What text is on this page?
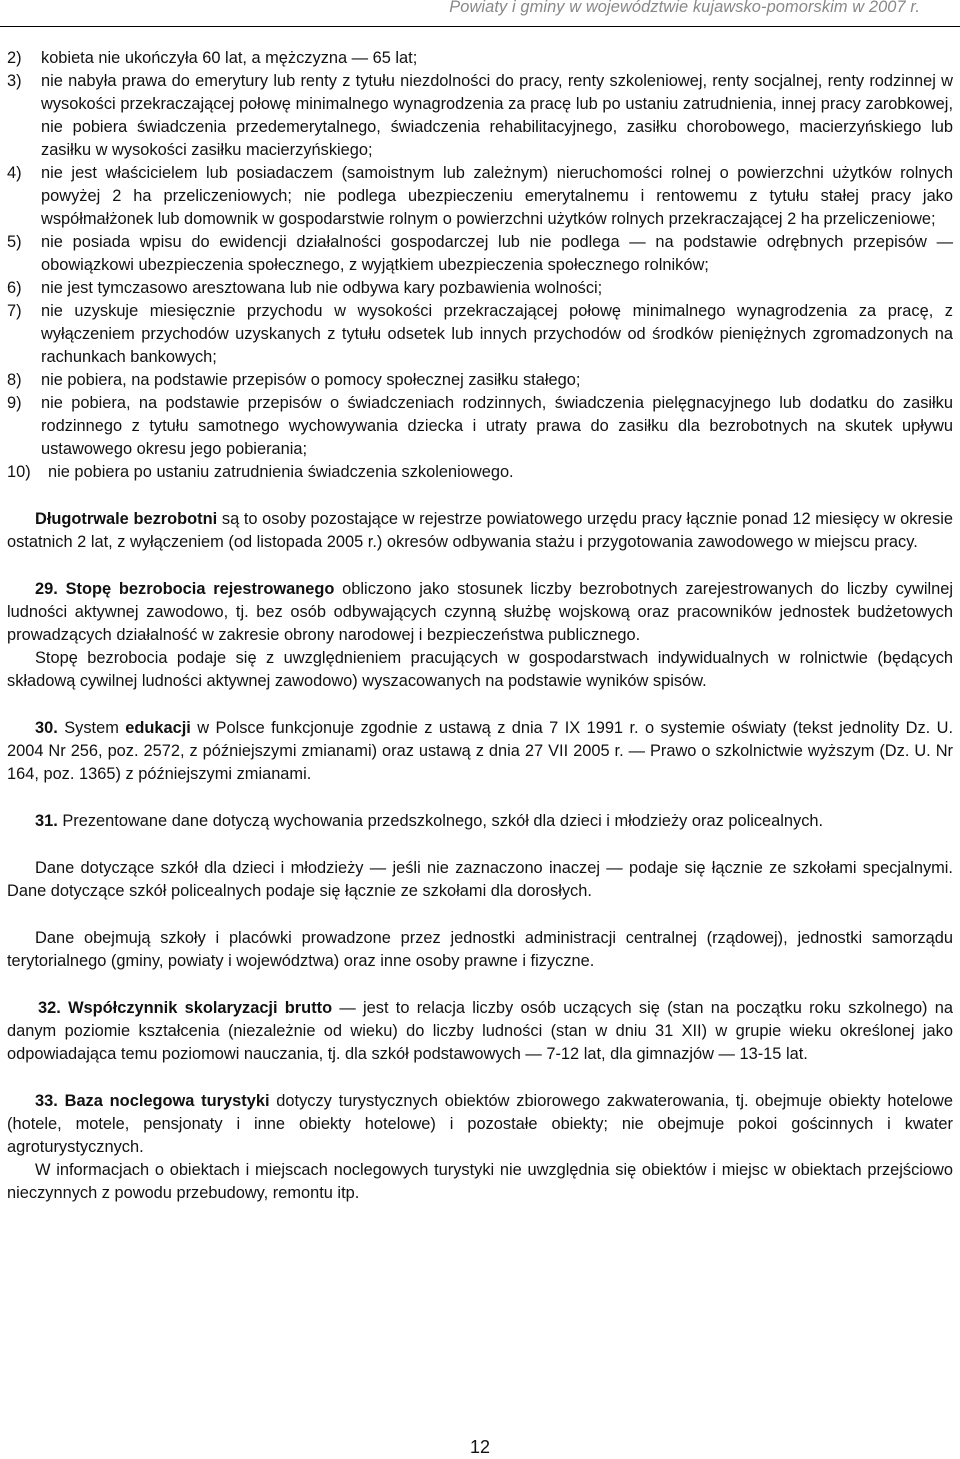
Powiaty i gminy w województwie kujawsko-pomorskim w 2007 r.
2)	kobieta nie ukończyła 60 lat, a mężczyzna — 65 lat;
3)	nie nabyła prawa do emerytury lub renty z tytułu niezdolności do pracy, renty szkoleniowej, renty socjalnej, renty rodzinnej w wysokości przekraczającej połowę minimalnego wynagrodzenia za pracę lub po ustaniu zatrudnienia, innej pracy zarobkowej, nie pobiera świadczenia przedemerytalnego, świadczenia rehabilitacyjnego, zasiłku chorobowego, macierzyńskiego lub zasiłku w wysokości zasiłku macierzyńskiego;
4)	nie jest właścicielem lub posiadaczem (samoistnym lub zależnym) nieruchomości rolnej o powierzchni użytków rolnych powyżej 2 ha przeliczeniowych; nie podlega ubezpieczeniu emerytalnemu i rentowemu z tytułu stałej pracy jako współmałżonek lub domownik w gospodarstwie rolnym o powierzchni użytków rolnych przekraczającej 2 ha przeliczeniowe;
5)	nie posiada wpisu do ewidencji działalności gospodarczej lub nie podlega — na podstawie odrębnych przepisów — obowiązkowi ubezpieczenia społecznego, z wyjątkiem ubezpieczenia społecznego rolników;
6)	nie jest tymczasowo aresztowana lub nie odbywa kary pozbawienia wolności;
7)	nie uzyskuje miesięcznie przychodu w wysokości przekraczającej połowę minimalnego wynagrodzenia za pracę, z wyłączeniem przychodów uzyskanych z tytułu odsetek lub innych przychodów od środków pieniężnych zgromadzonych na rachunkach bankowych;
8)	nie pobiera, na podstawie przepisów o pomocy społecznej zasiłku stałego;
9)	nie pobiera, na podstawie przepisów o świadczeniach rodzinnych, świadczenia pielęgnacyjnego lub dodatku do zasiłku rodzinnego z tytułu samotnego wychowywania dziecka i utraty prawa do zasiłku dla bezrobotnych na skutek upływu ustawowego okresu jego pobierania;
10)	nie pobiera po ustaniu zatrudnienia świadczenia szkoleniowego.

Długotrwale bezrobotni są to osoby pozostające w rejestrze powiatowego urzędu pracy łącznie ponad 12 miesięcy w okresie ostatnich 2 lat, z wyłączeniem (od listopada 2005 r.) okresów odbywania stażu i przygotowania zawodowego w miejscu pracy.

29. Stopę bezrobocia rejestrowanego obliczono jako stosunek liczby bezrobotnych zarejestrowanych do liczby cywilnej ludności aktywnej zawodowo, tj. bez osób odbywających czynną służbę wojskową oraz pracowników jednostek budżetowych prowadzących działalność w zakresie obrony narodowej i bezpieczeństwa publicznego.

Stopę bezrobocia podaje się z uwzględnieniem pracujących w gospodarstwach indywidualnych w rolnictwie (będących składową cywilnej ludności aktywnej zawodowo) wyszacowanych na podstawie wyników spisów.

30. System edukacji w Polsce funkcjonuje zgodnie z ustawą z dnia 7 IX 1991 r. o systemie oświaty (tekst jednolity Dz. U. 2004 Nr 256, poz. 2572, z późniejszymi zmianami) oraz ustawą z dnia 27 VII 2005 r. — Prawo o szkolnictwie wyższym (Dz. U. Nr 164, poz. 1365) z późniejszymi zmianami.

31. Prezentowane dane dotyczą wychowania przedszkolnego, szkół dla dzieci i młodzieży oraz policealnych.

Dane dotyczące szkół dla dzieci i młodzieży — jeśli nie zaznaczono inaczej — podaje się łącznie ze szkołami specjalnymi. Dane dotyczące szkół policealnych podaje się łącznie ze szkołami dla dorosłych.

Dane obejmują szkoły i placówki prowadzone przez jednostki administracji centralnej (rządowej), jednostki samorządu terytorialnego (gminy, powiaty i województwa) oraz inne osoby prawne i fizyczne.

32. Współczynnik skolaryzacji brutto — jest to relacja liczby osób uczących się (stan na początku roku szkolnego) na danym poziomie kształcenia (niezależnie od wieku) do liczby ludności (stan w dniu 31 XII) w grupie wieku określonej jako odpowiadająca temu poziomowi nauczania, tj. dla szkół podstawowych — 7-12 lat, dla gimnazjów — 13-15 lat.

33. Baza noclegowa turystyki dotyczy turystycznych obiektów zbiorowego zakwaterowania, tj. obejmuje obiekty hotelowe (hotele, motele, pensjonaty i inne obiekty hotelowe) i pozostałe obiekty; nie obejmuje pokoi gościnnych i kwater agroturystycznych.

W informacjach o obiektach i miejscach noclegowych turystyki nie uwzględnia się obiektów i miejsc w obiektach przejściowo nieczynnych z powodu przebudowy, remontu itp.

12
